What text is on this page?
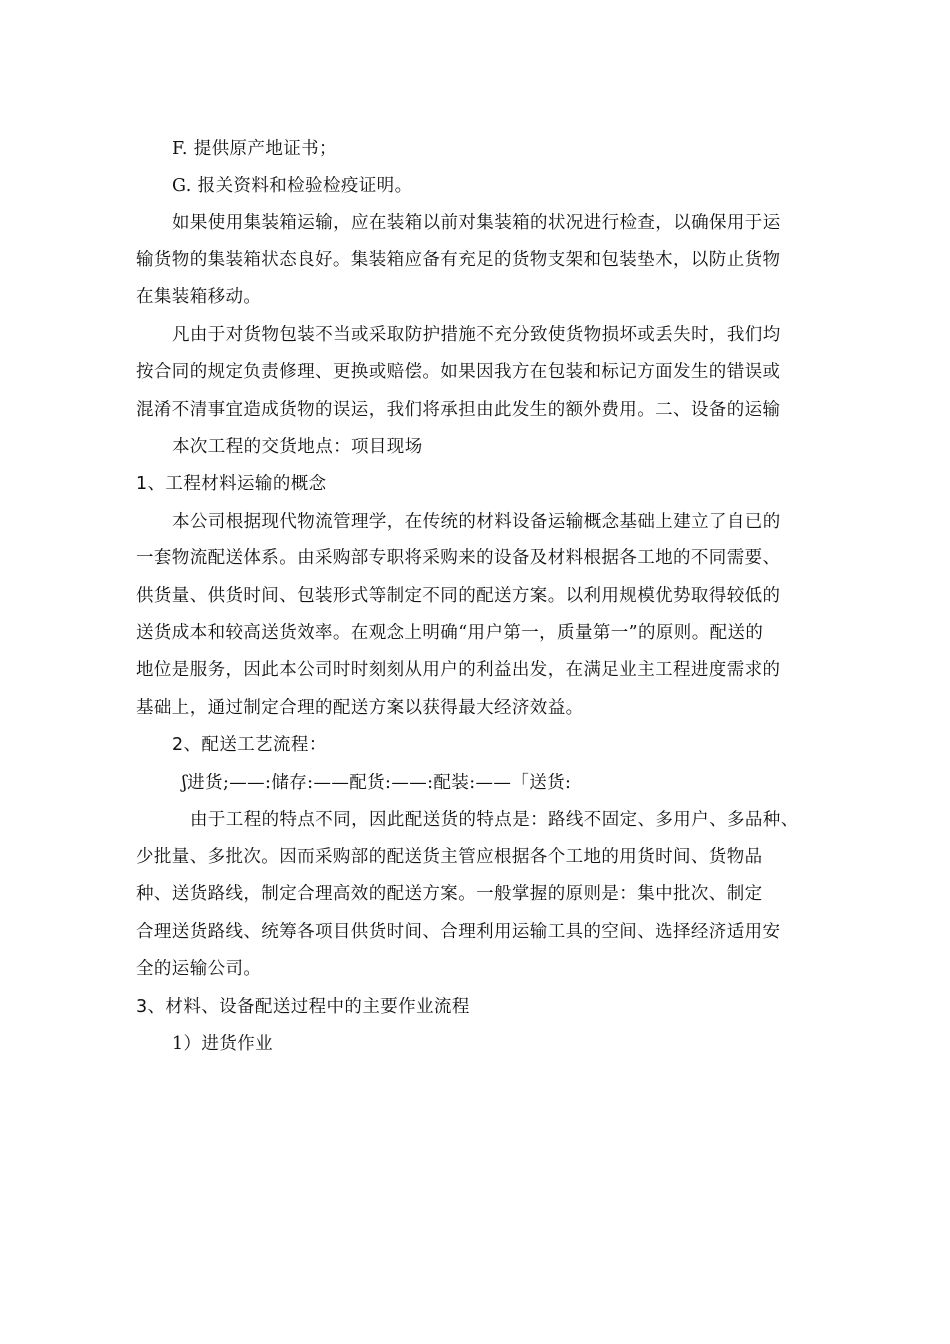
F. 提供原产地证书；
G. 报关资料和检验检疫证明。
如果使用集装箱运输，应在装箱以前对集装箱的状况进行检查，以确保用于运
输货物的集装箱状态良好。集装箱应备有充足的货物支架和包装垫木，以防止货物
在集装箱移动。
凡由于对货物包装不当或采取防护措施不充分致使货物损坏或丢失时，我们均
按合同的规定负责修理、更换或赔偿。如果因我方在包装和标记方面发生的错误或
混淆不清事宜造成货物的误运，我们将承担由此发生的额外费用。二、设备的运输
本次工程的交货地点：项目现场
1、工程材料运输的概念
本公司根据现代物流管理学，在传统的材料设备运输概念基础上建立了自已的
一套物流配送体系。由采购部专职将采购来的设备及材料根据各工地的不同需要、
供货量、供货时间、包装形式等制定不同的配送方案。以利用规模优势取得较低的
送货成本和较高送货效率。在观念上明确“用户第一，质量第一”的原则。配送的
地位是服务，因此本公司时时刻刻从用户的利益出发，在满足业主工程进度需求的
基础上，通过制定合理的配送方案以获得最大经济效益。
2、配送工艺流程：
ʃ进货;——:储存:——配货:——:配装:——「送货:
由于工程的特点不同，因此配送货的特点是：路线不固定、多用户、多品种、
少批量、多批次。因而采购部的配送货主管应根据各个工地的用货时间、货物品
种、送货路线，制定合理高效的配送方案。一般掌握的原则是：集中批次、制定
合理送货路线、统筹各项目供货时间、合理利用运输工具的空间、选择经济适用安
全的运输公司。
3、材料、设备配送过程中的主要作业流程
1）进货作业
